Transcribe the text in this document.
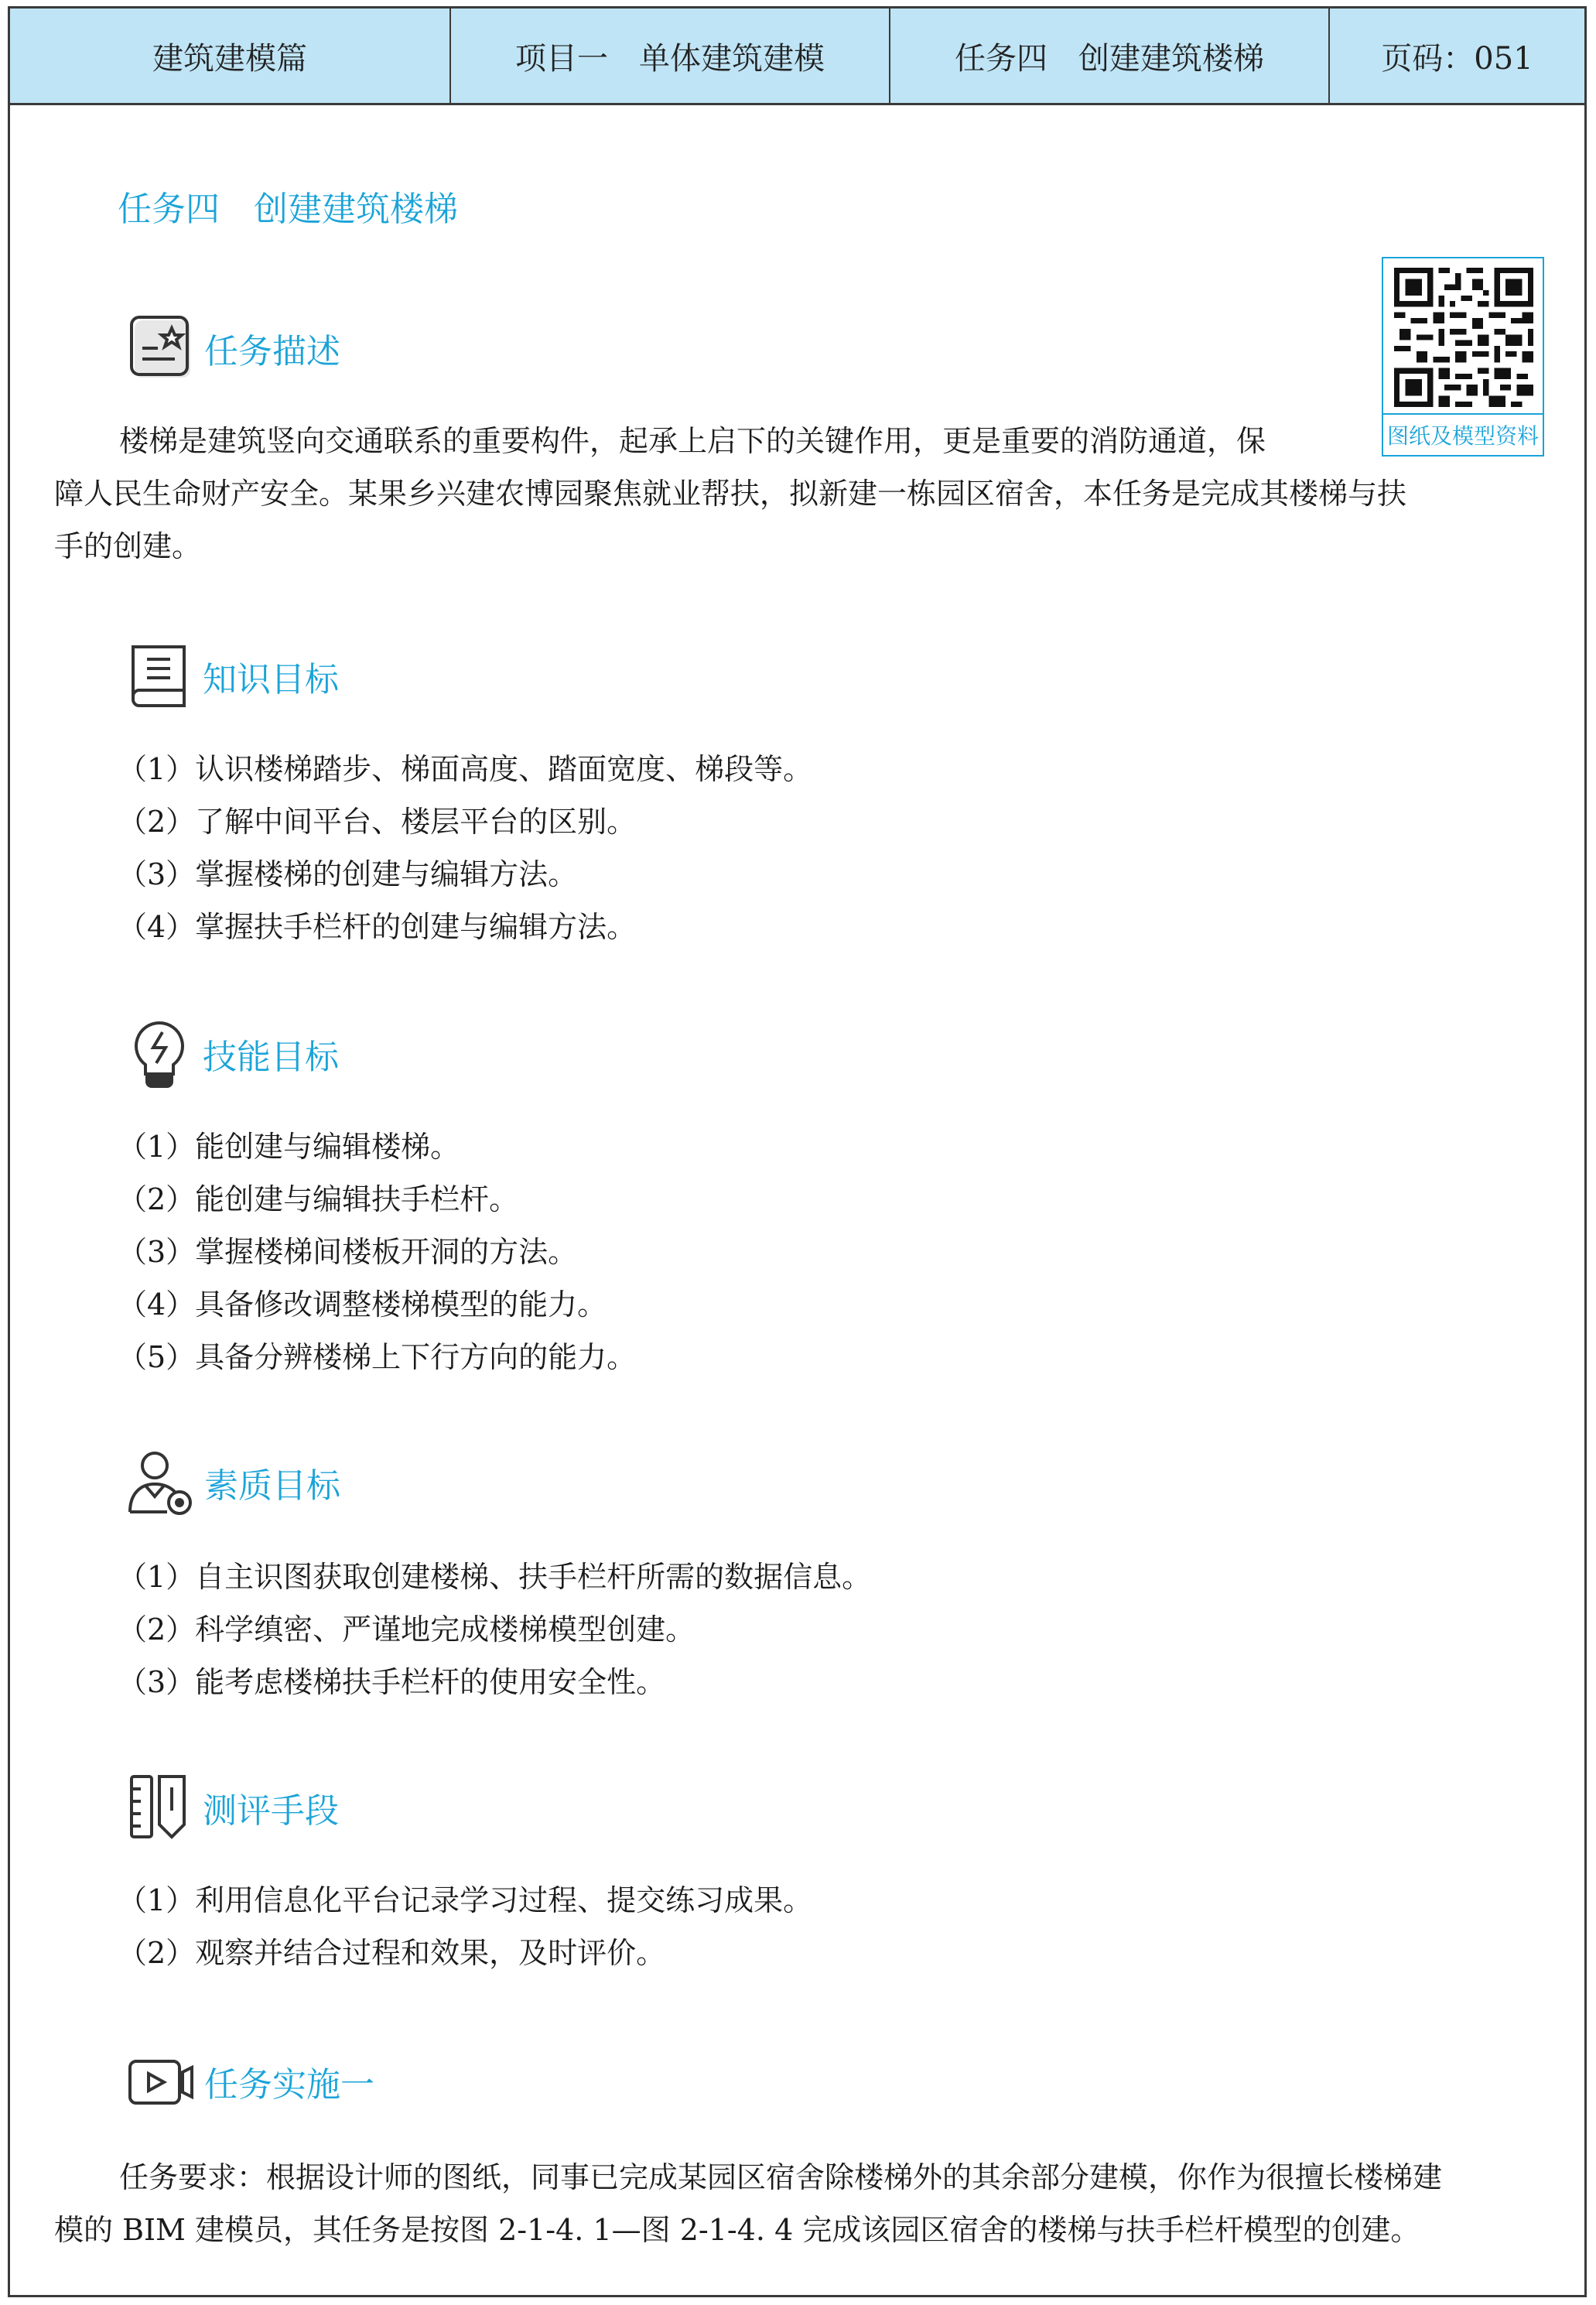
建筑建模篇	项目一　单体建筑建模	任务四　创建建筑楼梯	页码：051
任务四　创建建筑楼梯
图纸及模型资料
任务描述
楼梯是建筑竖向交通联系的重要构件，起承上启下的关键作用，更是重要的消防通道，保
障人民生命财产安全。某果乡兴建农博园聚焦就业帮扶，拟新建一栋园区宿舍，本任务是完成其楼梯与扶
手的创建。
知识目标
（1）认识楼梯踏步、梯面高度、踏面宽度、梯段等。
（2）了解中间平台、楼层平台的区别。
（3）掌握楼梯的创建与编辑方法。
（4）掌握扶手栏杆的创建与编辑方法。
技能目标
（1）能创建与编辑楼梯。
（2）能创建与编辑扶手栏杆。
（3）掌握楼梯间楼板开洞的方法。
（4）具备修改调整楼梯模型的能力。
（5）具备分辨楼梯上下行方向的能力。
素质目标
（1）自主识图获取创建楼梯、扶手栏杆所需的数据信息。
（2）科学缜密、严谨地完成楼梯模型创建。
（3）能考虑楼梯扶手栏杆的使用安全性。
测评手段
（1）利用信息化平台记录学习过程、提交练习成果。
（2）观察并结合过程和效果，及时评价。
任务实施一
任务要求：根据设计师的图纸，同事已完成某园区宿舍除楼梯外的其余部分建模，你作为很擅长楼梯建
模的 BIM 建模员，其任务是按图 2-1-4. 1—图 2-1-4. 4 完成该园区宿舍的楼梯与扶手栏杆模型的创建。
